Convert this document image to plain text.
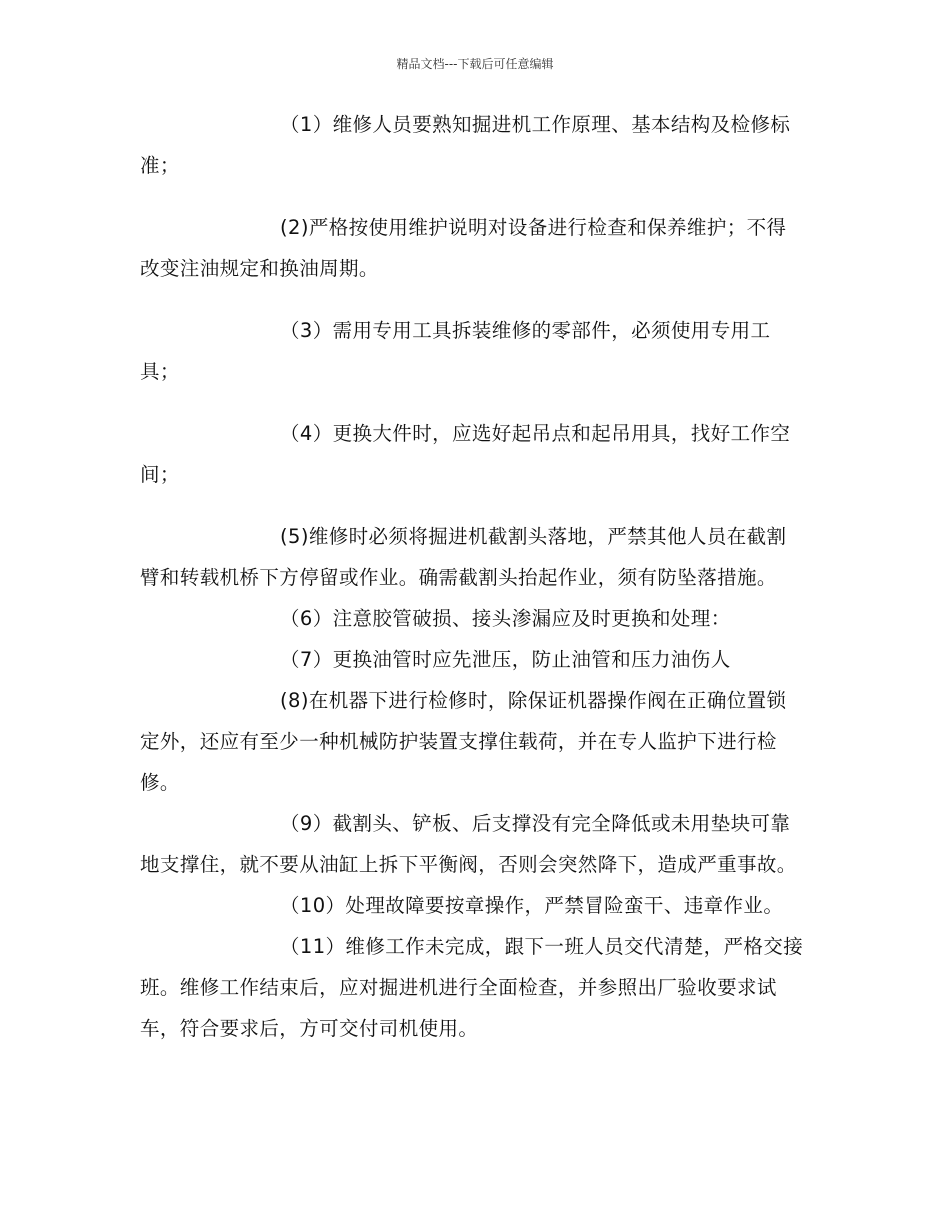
精品文档---下载后可任意编辑

（1）维修人员要熟知掘进机工作原理、基本结构及检修标准；

(2)严格按使用维护说明对设备进行检查和保养维护；不得改变注油规定和换油周期。

（3）需用专用工具拆装维修的零部件，必须使用专用工具；

（4）更换大件时，应选好起吊点和起吊用具，找好工作空间；

(5)维修时必须将掘进机截割头落地，严禁其他人员在截割臂和转载机桥下方停留或作业。确需截割头抬起作业，须有防坠落措施。

（6）注意胶管破损、接头渗漏应及时更换和处理：

（7）更换油管时应先泄压，防止油管和压力油伤人

(8)在机器下进行检修时，除保证机器操作阀在正确位置锁定外，还应有至少一种机械防护装置支撑住载荷，并在专人监护下进行检修。

（9）截割头、铲板、后支撑没有完全降低或未用垫块可靠地支撑住，就不要从油缸上拆下平衡阀，否则会突然降下，造成严重事故。

（10）处理故障要按章操作，严禁冒险蛮干、违章作业。

（11）维修工作未完成，跟下一班人员交代清楚，严格交接班。维修工作结束后，应对掘进机进行全面检查，并参照出厂验收要求试车，符合要求后，方可交付司机使用。
